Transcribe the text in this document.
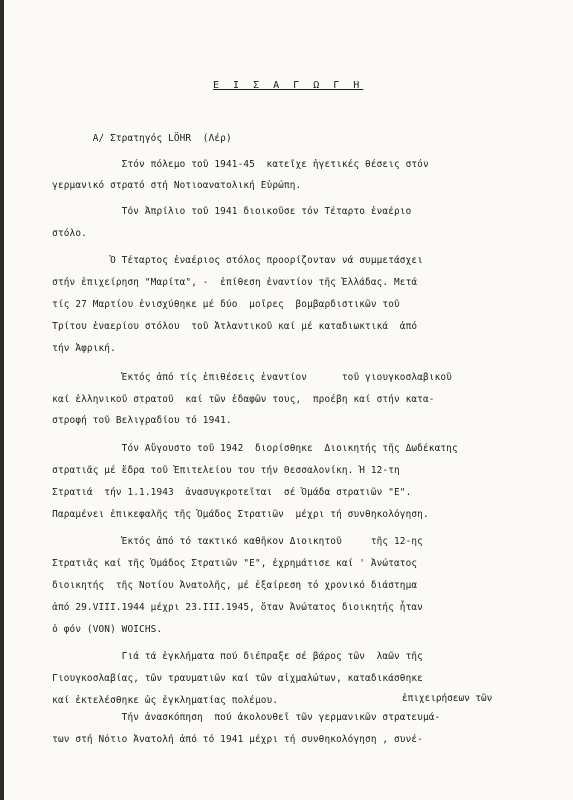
Ε Ι Σ Α Γ Ω Γ Η
A/ Στρατηγός LÖHR  (Λέρ)
Στόν πόλεμο τοῦ 1941-45  κατεῖχε ἡγετικές θέσεις στόν
γερμανικό στρατό στή Νοτιοανατολική Εὐρώπη.
Τόν Ἀπρίλιο τοῦ 1941 διοικοῦσε τόν Τέταρτο ἐναέριο
στόλο.
Ὁ Τέταρτος ἐναέριος στόλος προορίζονταν νά συμμετάσχει
στήν ἐπιχείρηση "Μαρίτα", -  ἐπίθεση ἐναντίον τῆς Ἑλλάδας. Μετά
τίς 27 Μαρτίου ἐνισχύθηκε μέ δύο  μοῖρες  βομβαρδιστικῶν τοῦ
Τρίτου ἐναερίου στόλου  τοῦ Ἀτλαντικοῦ καί μέ καταδιωκτικά  ἀπό
τήν Ἀφρική.
Ἐκτός ἀπό τίς ἐπιθέσεις ἐναντίον      τοῦ γιουγκοσλαβικοῦ
καί ἑλληνικοῦ στρατοῦ  καί τῶν ἐδαφῶν τους,  προέβη καί στήν κατα-
στροφή τοῦ Βελιγραδίου τό 1941.
Τόν Αὔγουστο τοῦ 1942  διορίσθηκε  Διοικητής τῆς Δωδέκατης
στρατιᾶς μέ ἕδρα τοῦ Ἐπιτελείου του τήν Θεσσαλονίκη. Ἡ 12-τη
Στρατιά  τήν 1.1.1943  ἀνασυγκροτεῖται  σέ Ὁμάδα στρατιῶν "Ε".
Παραμένει ἐπικεφαλῆς τῆς Ὁμάδος Στρατιῶν  μέχρι τή συνθηκολόγηση.
Ἐκτός ἀπό τό τακτικό καθῆκον Διοικητοῦ     τῆς 12-ης
Στρατιᾶς καί τῆς Ὁμάδος Στρατιῶν "Ε", ἐχρημάτισε καί ' Ἀνώτατος
διοικητής  τῆς Νοτίου Ἀνατολῆς, μέ ἐξαίρεση τό χρονικό διάστημα
ἀπό 29.VIII.1944 μέχρι 23.III.1945, ὅταν Ἀνώτατος διοικητής ἦταν
ὁ φόν (VON) WOICHS.
Γιά τά ἐγκλήματα πού διέπραξε σέ βάρος τῶν  λαῶν τῆς
Γιουγκοσλαβίας, τῶν τραυματιῶν καί τῶν αἰχμαλώτων, καταδικάσθηκε
καί ἐκτελέσθηκε ὡς ἐγκληματίας πολέμου.	ἐπιχειρήσεων τῶν
Τήν ἀνασκόπηση  πού ἀκολουθεῖ τῶν γερμανικῶν στρατευμά-
των στή Νότιο Ἀνατολή ἀπό τό 1941 μέχρι τή συνθηκολόγηση , συνέ-
